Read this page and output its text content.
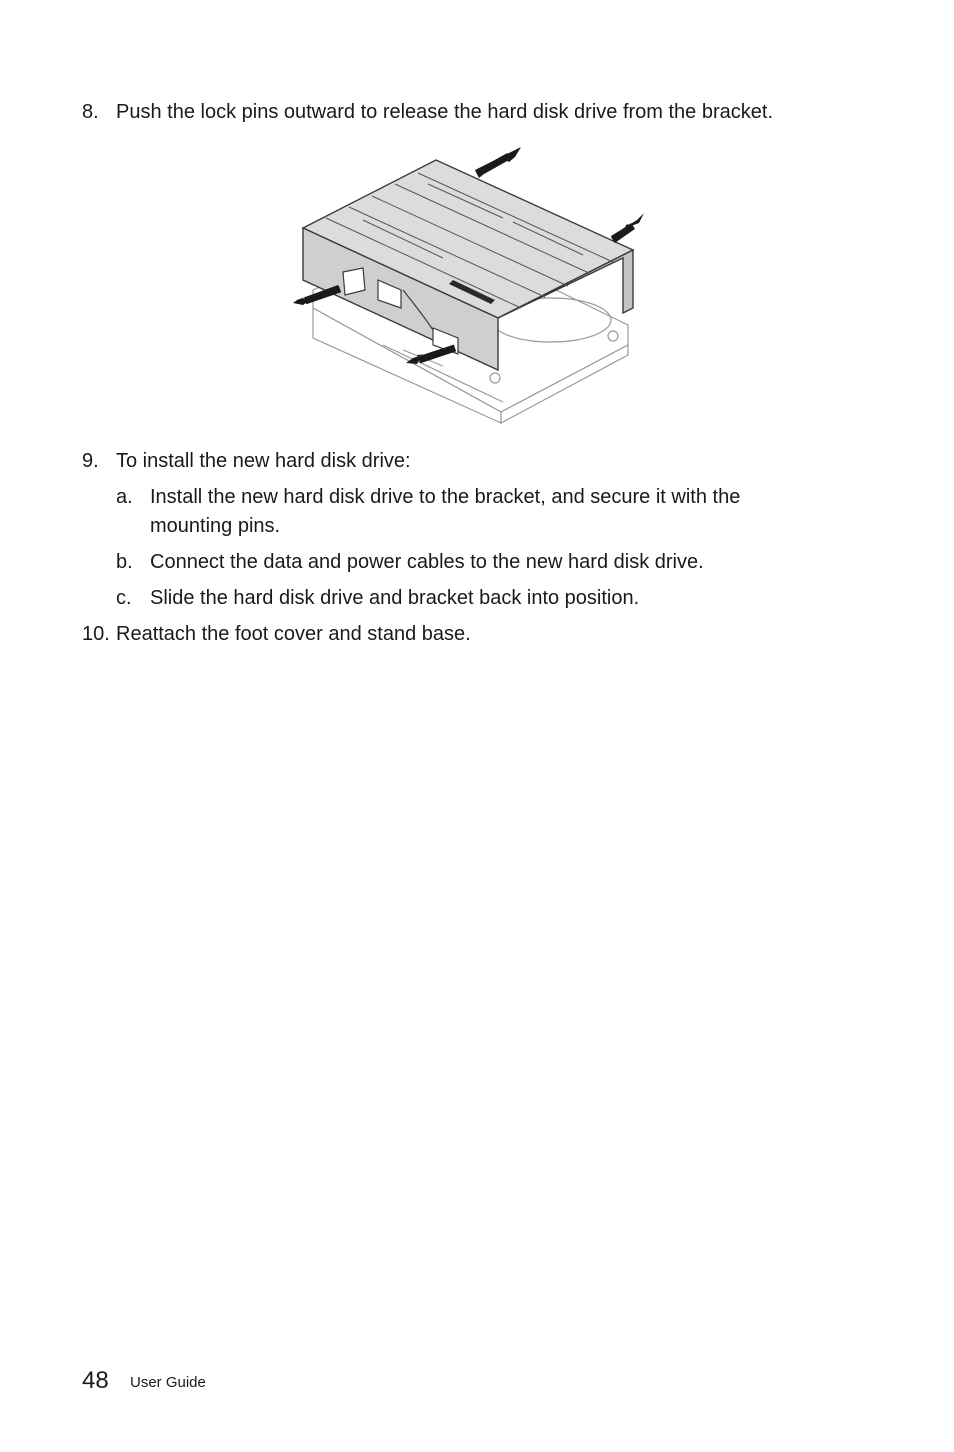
8. Push the lock pins outward to release the hard disk drive from the bracket.
9. To install the new hard disk drive:
a. Install the new hard disk drive to the bracket, and secure it with the mounting pins.
b. Connect the data and power cables to the new hard disk drive.
c. Slide the hard disk drive and bracket back into position.
10. Reattach the foot cover and stand base.
48 User Guide
